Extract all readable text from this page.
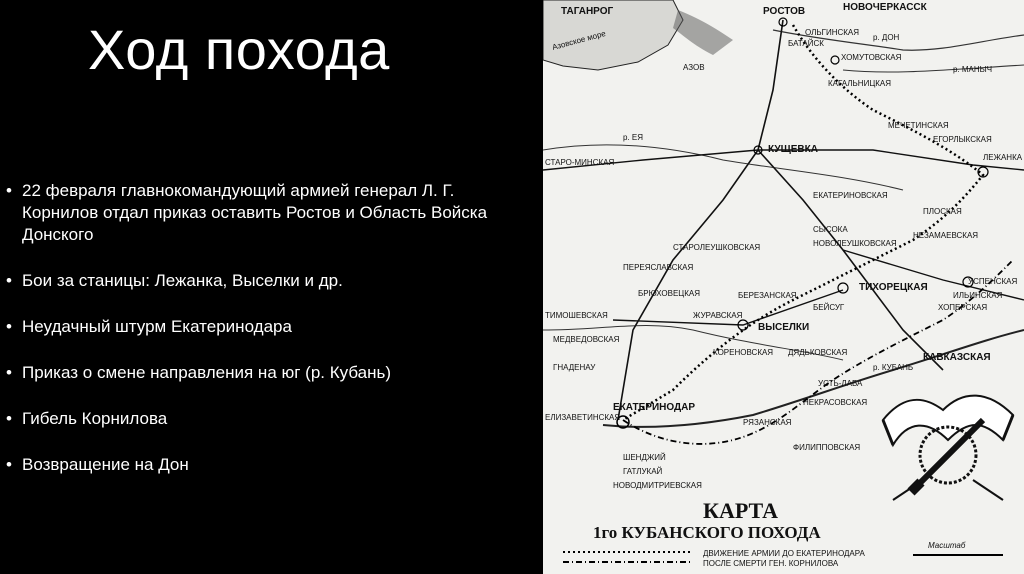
Ход похода
• 22 февраля главнокомандующий армией генерал Л. Г. Корнилов отдал приказ оставить Ростов и Область Войска Донского
• Бои за станицы: Лежанка, Выселки и др.
• Неудачный штурм Екатеринодара
• Приказ о смене направления на юг (р. Кубань)
• Гибель Корнилова
• Возвращение на Дон
ТАГАНРОГ	РОСТОВ	НОВОЧЕРКАССК
АЗОВ
Азовское море	р. ДОН
ОЛЬГИНСКАЯ
БАТАЙСК
ХОМУТОВСКАЯ
КАГАЛЬНИЦКАЯ
р. МАНЫЧ
МЕЧЕТИНСКАЯ
ЕГОРЛЫКСКАЯ
КУЩЕВКА
р. ЕЯ
СТАРО-МИНСКАЯ
ЛЕЖАНКА
ЕКАТЕРИНОВСКАЯ
СЫСОКА
НОВОЛЕУШКОВСКАЯ
ПЛОСКАЯ
НЕЗАМАЕВСКАЯ
СТАРОЛЕУШКОВСКАЯ
ПЕРЕЯСЛАВСКАЯ
БРЮХОВЕЦКАЯ	БЕРЕЗАНСКАЯ
ТИХОРЕЦКАЯ
УСПЕНСКАЯ
ИЛЬИНСКАЯ
ХОПЕРСКАЯ
ТИМОШЕВСКАЯ	ЖУРАВСКАЯ
БЕЙСУГ
ВЫСЕЛКИ
МЕДВЕДОВСКАЯ
КОРЕНОВСКАЯ ДЯДЬКОВСКАЯ	КАВКАЗСКАЯ
р. КУБАНЬ
УСТЬ-ЛАБА
НЕКРАСОВСКАЯ
ЕКАТЕРИНОДАР
ЕЛИЗАВЕТИНСКАЯ
РЯЗАНСКАЯ
ФИЛИППОВСКАЯ
ШЕНДЖИЙ
ГАТЛУКАЙ
НОВОДМИТРИЕВСКАЯ
ГНАДЕНАУ
КАРТА
1го КУБАНСКОГО ПОХОДА
ДВИЖЕНИЕ АРМИИ ДО ЕКАТЕРИНОДАРА
ПОСЛЕ СМЕРТИ ГЕН. КОРНИЛОВА
Масштаб
